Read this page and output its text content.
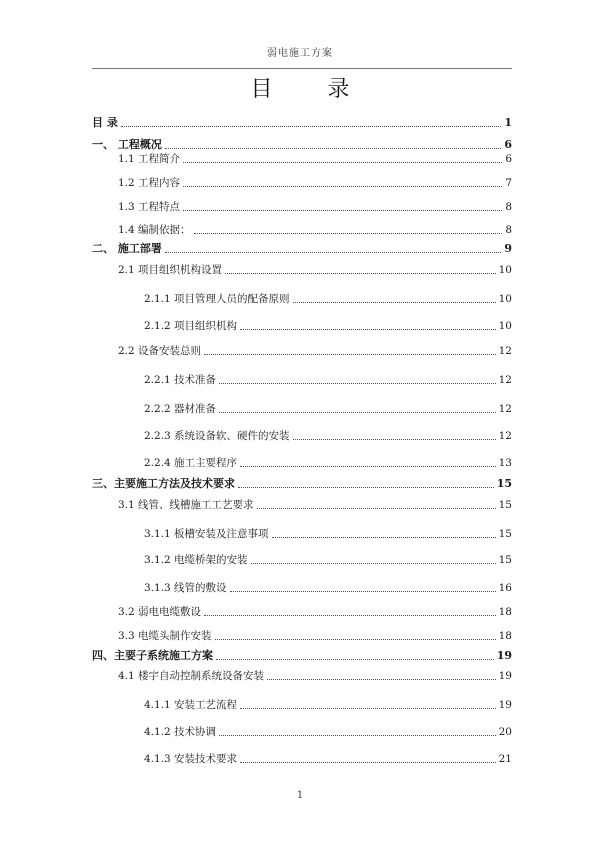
弱电施工方案
目 录
目 录	1
一、 工程概况	6
1.1 工程简介	6
1.2 工程内容	7
1.3 工程特点	8
1.4 编制依据：	8
二、 施工部署	9
2.1 项目组织机构设置	10
2.1.1 项目管理人员的配备原则	10
2.1.2 项目组织机构	10
2.2 设备安装总则	12
2.2.1 技术准备	12
2.2.2 器材准备	12
2.2.3 系统设备软、硬件的安装	12
2.2.4 施工主要程序	13
三、主要施工方法及技术要求	15
3.1 线管、线槽施工工艺要求	15
3.1.1 板槽安装及注意事项	15
3.1.2 电缆桥架的安装	15
3.1.3 线管的敷设	16
3.2 弱电电缆敷设	18
3.3 电缆头制作安装	18
四、主要子系统施工方案	19
4.1 楼宇自动控制系统设备安装	19
4.1.1 安装工艺流程	19
4.1.2 技术协调	20
4.1.3 安装技术要求	21
1
